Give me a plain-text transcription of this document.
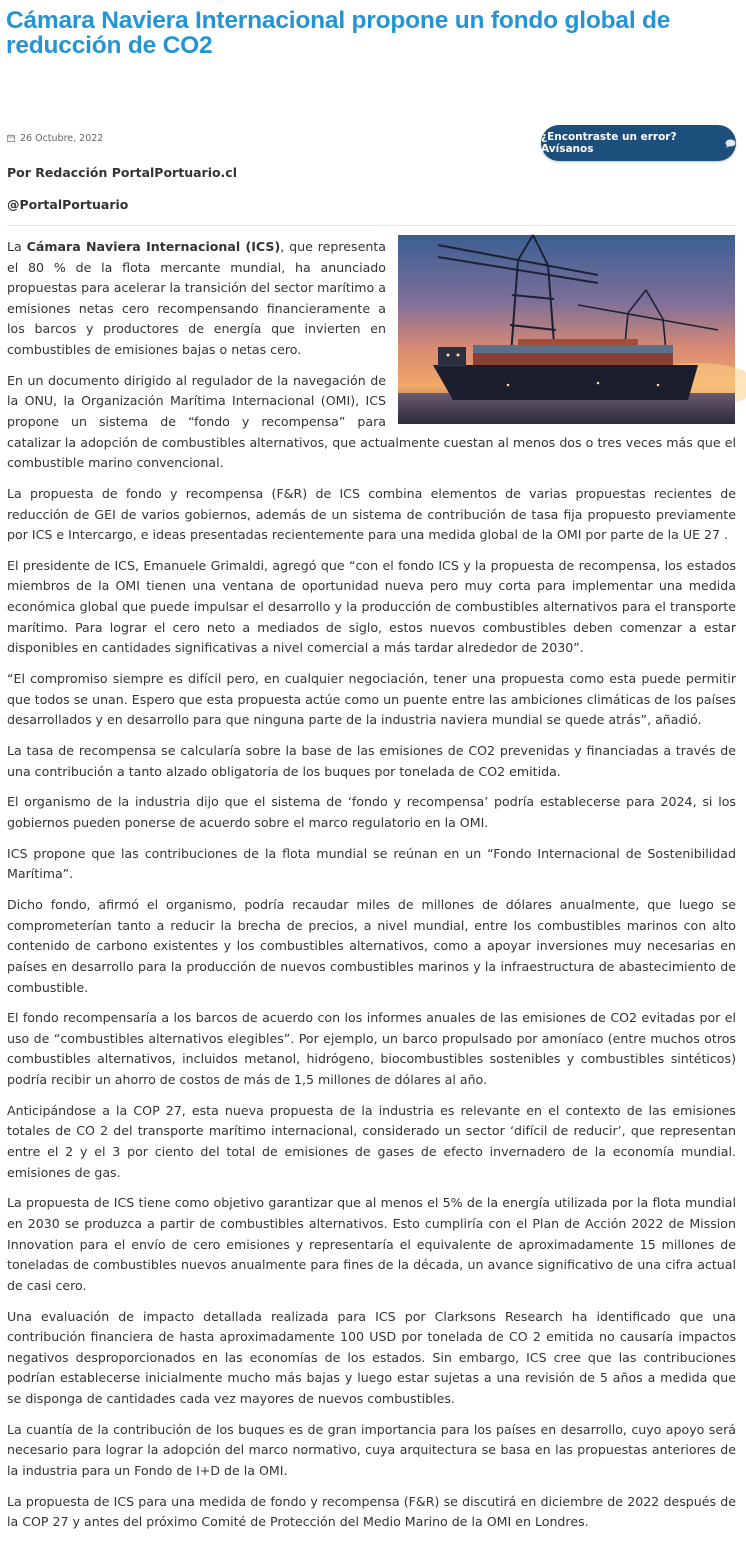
Cámara Naviera Internacional propone un fondo global de reducción de CO2
26 Octubre, 2022	¿Encontraste un error? Avísanos
Por Redacción PortalPortuario.cl
@PortalPortuario

La Cámara Naviera Internacional (ICS), que representa el 80 % de la flota mercante mundial, ha anunciado propuestas para acelerar la transición del sector marítimo a emisiones netas cero recompensando financieramente a los barcos y productores de energía que invierten en combustibles de emisiones bajas o netas cero.

En un documento dirigido al regulador de la navegación de la ONU, la Organización Marítima Internacional (OMI), ICS propone un sistema de “fondo y recompensa” para catalizar la adopción de combustibles alternativos, que actualmente cuestan al menos dos o tres veces más que el combustible marino convencional.

La propuesta de fondo y recompensa (F&R) de ICS combina elementos de varias propuestas recientes de reducción de GEI de varios gobiernos, además de un sistema de contribución de tasa fija propuesto previamente por ICS e Intercargo, e ideas presentadas recientemente para una medida global de la OMI por parte de la UE 27 .

El presidente de ICS, Emanuele Grimaldi, agregó que “con el fondo ICS y la propuesta de recompensa, los estados miembros de la OMI tienen una ventana de oportunidad nueva pero muy corta para implementar una medida económica global que puede impulsar el desarrollo y la producción de combustibles alternativos para el transporte marítimo. Para lograr el cero neto a mediados de siglo, estos nuevos combustibles deben comenzar a estar disponibles en cantidades significativas a nivel comercial a más tardar alrededor de 2030”.

“El compromiso siempre es difícil pero, en cualquier negociación, tener una propuesta como esta puede permitir que todos se unan. Espero que esta propuesta actúe como un puente entre las ambiciones climáticas de los países desarrollados y en desarrollo para que ninguna parte de la industria naviera mundial se quede atrás”, añadió.

La tasa de recompensa se calcularía sobre la base de las emisiones de CO2 prevenidas y financiadas a través de una contribución a tanto alzado obligatoria de los buques por tonelada de CO2 emitida.

El organismo de la industria dijo que el sistema de ‘fondo y recompensa’ podría establecerse para 2024, si los gobiernos pueden ponerse de acuerdo sobre el marco regulatorio en la OMI.

ICS propone que las contribuciones de la flota mundial se reúnan en un “Fondo Internacional de Sostenibilidad Marítima”.

Dicho fondo, afirmó el organismo, podría recaudar miles de millones de dólares anualmente, que luego se comprometerían tanto a reducir la brecha de precios, a nivel mundial, entre los combustibles marinos con alto contenido de carbono existentes y los combustibles alternativos, como a apoyar inversiones muy necesarias en países en desarrollo para la producción de nuevos combustibles marinos y la infraestructura de abastecimiento de combustible.

El fondo recompensaría a los barcos de acuerdo con los informes anuales de las emisiones de CO2 evitadas por el uso de “combustibles alternativos elegibles”. Por ejemplo, un barco propulsado por amoníaco (entre muchos otros combustibles alternativos, incluidos metanol, hidrógeno, biocombustibles sostenibles y combustibles sintéticos) podría recibir un ahorro de costos de más de 1,5 millones de dólares al año.

Anticipándose a la COP 27, esta nueva propuesta de la industria es relevante en el contexto de las emisiones totales de CO 2 del transporte marítimo internacional, considerado un sector ‘difícil de reducir’, que representan entre el 2 y el 3 por ciento del total de emisiones de gases de efecto invernadero de la economía mundial. emisiones de gas.

La propuesta de ICS tiene como objetivo garantizar que al menos el 5% de la energía utilizada por la flota mundial en 2030 se produzca a partir de combustibles alternativos. Esto cumpliría con el Plan de Acción 2022 de Mission Innovation para el envío de cero emisiones y representaría el equivalente de aproximadamente 15 millones de toneladas de combustibles nuevos anualmente para fines de la década, un avance significativo de una cifra actual de casi cero.

Una evaluación de impacto detallada realizada para ICS por Clarksons Research ha identificado que una contribución financiera de hasta aproximadamente 100 USD por tonelada de CO 2 emitida no causaría impactos negativos desproporcionados en las economías de los estados. Sin embargo, ICS cree que las contribuciones podrían establecerse inicialmente mucho más bajas y luego estar sujetas a una revisión de 5 años a medida que se disponga de cantidades cada vez mayores de nuevos combustibles.

La cuantía de la contribución de los buques es de gran importancia para los países en desarrollo, cuyo apoyo será necesario para lograr la adopción del marco normativo, cuya arquitectura se basa en las propuestas anteriores de la industria para un Fondo de I+D de la OMI.

La propuesta de ICS para una medida de fondo y recompensa (F&R) se discutirá en diciembre de 2022 después de la COP 27 y antes del próximo Comité de Protección del Medio Marino de la OMI en Londres.
